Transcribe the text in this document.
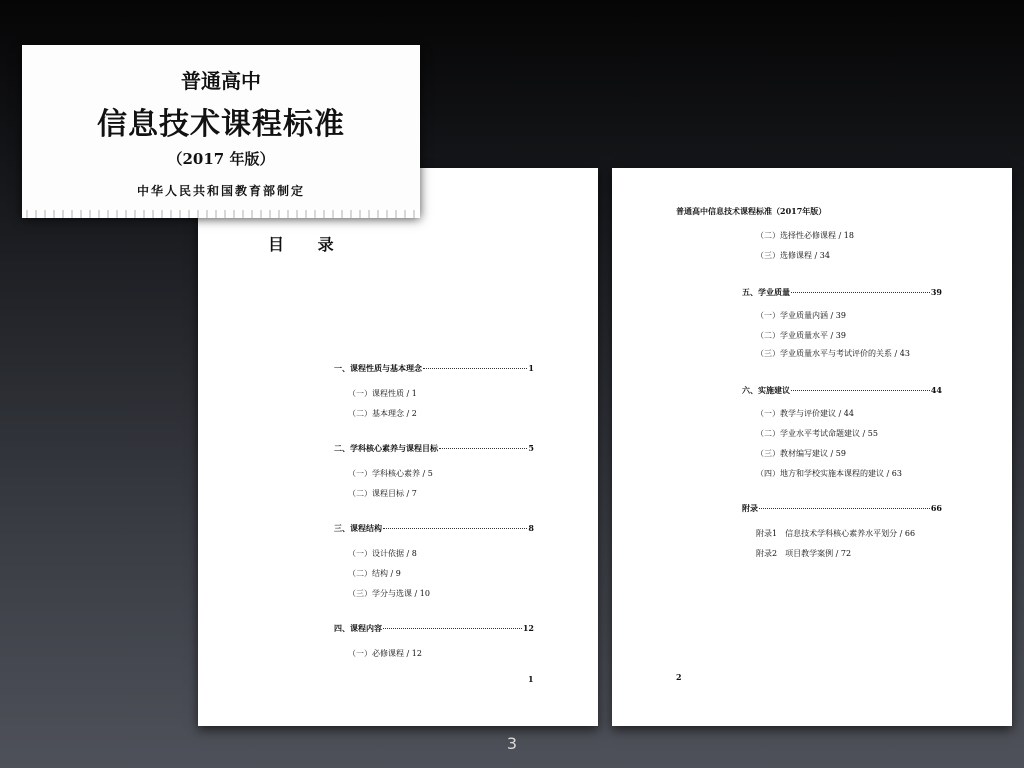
目 录
一、课程性质与基本理念	1
（一）课程性质 / 1
（二）基本理念 / 2
二、学科核心素养与课程目标	5
（一）学科核心素养 / 5
（二）课程目标 / 7
三、课程结构	8
（一）设计依据 / 8
（二）结构 / 9
（三）学分与选课 / 10
四、课程内容	12
（一）必修课程 / 12
1
普通高中信息技术课程标准（2017年版）
（二）选择性必修课程 / 18
（三）选修课程 / 34
五、学业质量	39
（一）学业质量内涵 / 39
（二）学业质量水平 / 39
（三）学业质量水平与考试评价的关系 / 43
六、实施建议	44
（一）教学与评价建议 / 44
（二）学业水平考试命题建议 / 55
（三）教材编写建议 / 59
（四）地方和学校实施本课程的建议 / 63
附录	66
附录1　信息技术学科核心素养水平划分 / 66
附录2　项目教学案例 / 72
2
普通高中
信息技术课程标准
（2017 年版）
中华人民共和国教育部制定
3
